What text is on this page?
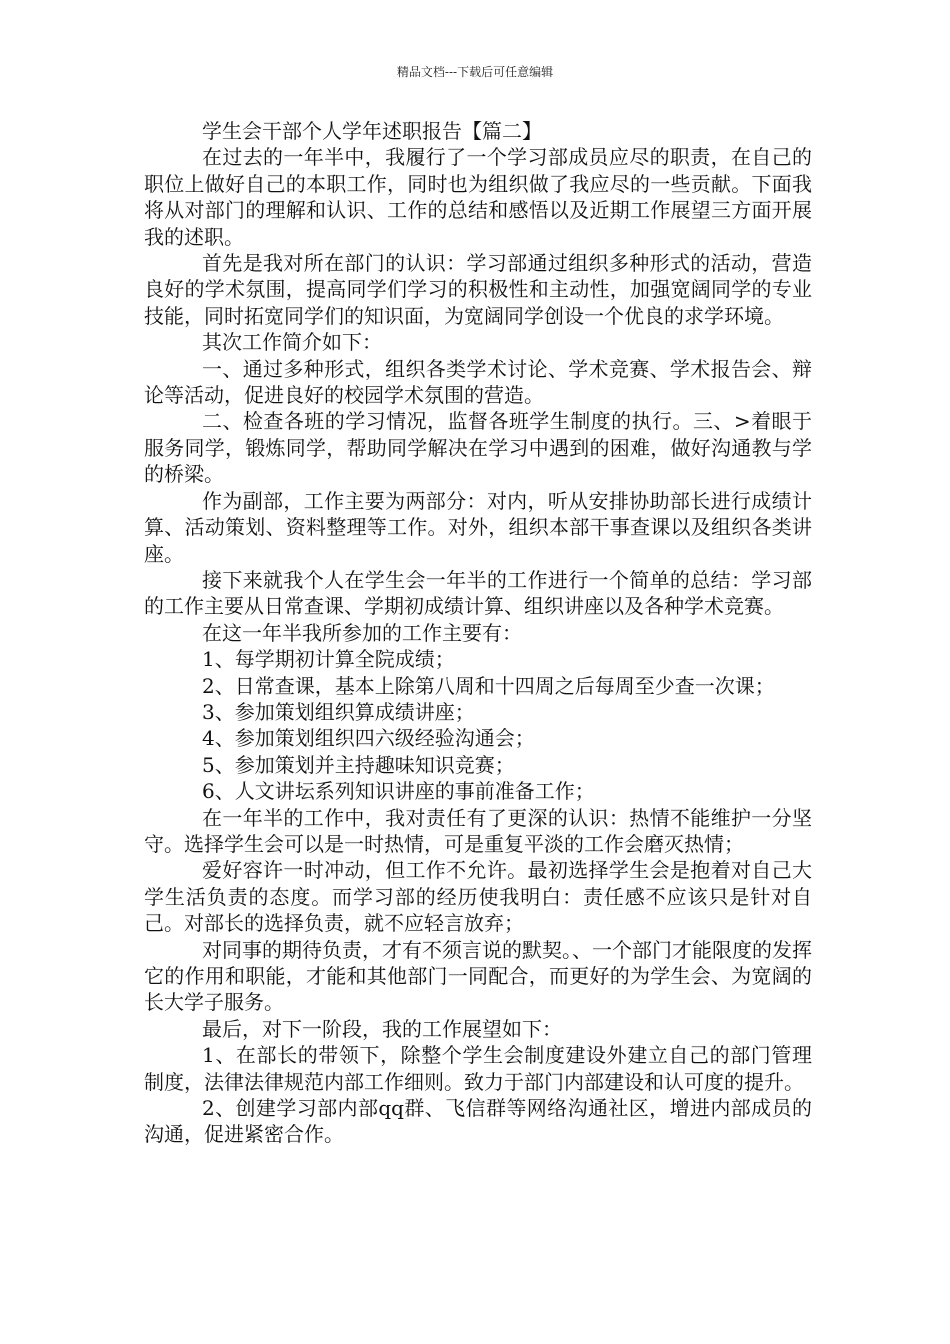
精品文档---下载后可任意编辑

学生会干部个人学年述职报告【篇二】

在过去的一年半中，我履行了一个学习部成员应尽的职责，在自己的职位上做好自己的本职工作，同时也为组织做了我应尽的一些贡献。下面我将从对部门的理解和认识、工作的总结和感悟以及近期工作展望三方面开展我的述职。

首先是我对所在部门的认识：学习部通过组织多种形式的活动，营造良好的学术氛围，提高同学们学习的积极性和主动性，加强宽阔同学的专业技能，同时拓宽同学们的知识面，为宽阔同学创设一个优良的求学环境。

其次工作简介如下：

一、通过多种形式，组织各类学术讨论、学术竞赛、学术报告会、辩论等活动，促进良好的校园学术氛围的营造。

二、检查各班的学习情况，监督各班学生制度的执行。三、>着眼于服务同学，锻炼同学，帮助同学解决在学习中遇到的困难，做好沟通教与学的桥梁。

作为副部，工作主要为两部分：对内，听从安排协助部长进行成绩计算、活动策划、资料整理等工作。对外，组织本部干事查课以及组织各类讲座。

接下来就我个人在学生会一年半的工作进行一个简单的总结：学习部的工作主要从日常查课、学期初成绩计算、组织讲座以及各种学术竞赛。

在这一年半我所参加的工作主要有：

1、每学期初计算全院成绩；

2、日常查课，基本上除第八周和十四周之后每周至少查一次课；

3、参加策划组织算成绩讲座；

4、参加策划组织四六级经验沟通会；

5、参加策划并主持趣味知识竞赛；

6、人文讲坛系列知识讲座的事前准备工作；

在一年半的工作中，我对责任有了更深的认识：热情不能维护一分坚守。选择学生会可以是一时热情，可是重复平淡的工作会磨灭热情；

爱好容许一时冲动，但工作不允许。最初选择学生会是抱着对自己大学生活负责的态度。而学习部的经历使我明白：责任感不应该只是针对自己。对部长的选择负责，就不应轻言放弃；

对同事的期待负责，才有不须言说的默契。、一个部门才能限度的发挥它的作用和职能，才能和其他部门一同配合，而更好的为学生会、为宽阔的长大学子服务。

最后，对下一阶段，我的工作展望如下：

1、在部长的带领下，除整个学生会制度建设外建立自己的部门管理制度，法律法律规范内部工作细则。致力于部门内部建设和认可度的提升。

2、创建学习部内部qq群、飞信群等网络沟通社区，增进内部成员的沟通，促进紧密合作。
